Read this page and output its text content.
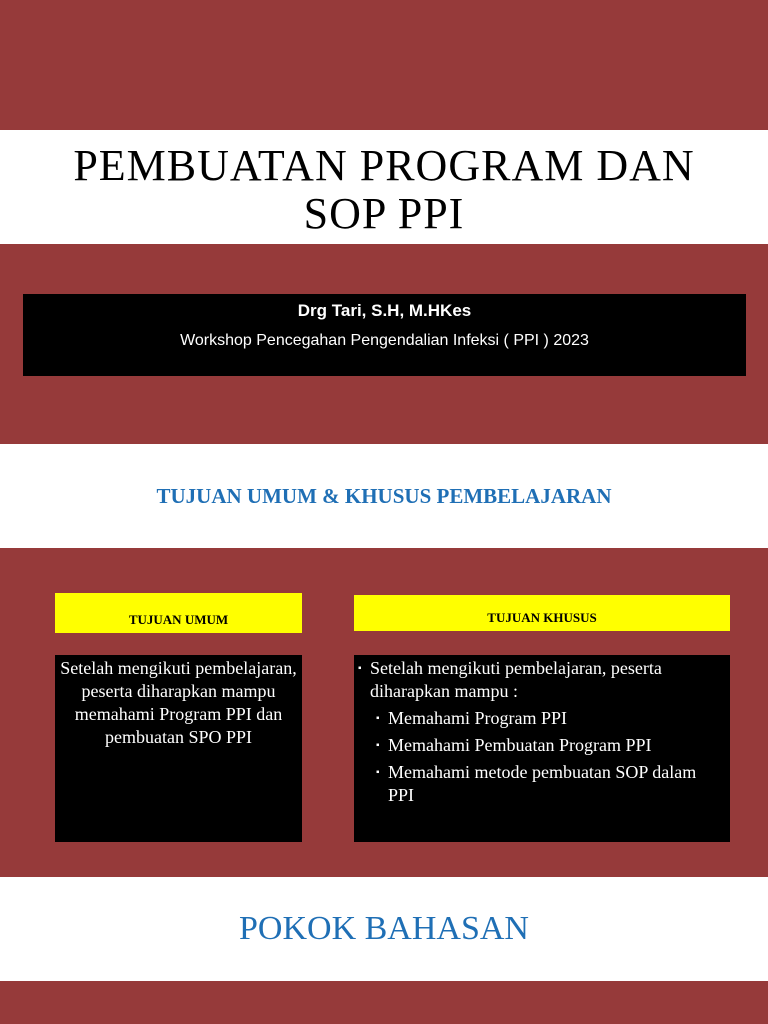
PEMBUATAN PROGRAM DAN
SOP PPI
Drg Tari, S.H, M.HKes
Workshop Pencegahan Pengendalian Infeksi ( PPI ) 2023
TUJUAN UMUM & KHUSUS PEMBELAJARAN
TUJUAN UMUM	TUJUAN KHUSUS
Setelah mengikuti pembelajaran, peserta diharapkan mampu memahami Program PPI dan pembuatan SPO PPI
▪ Setelah mengikuti pembelajaran, peserta diharapkan mampu :
▪ Memahami Program PPI
▪ Memahami Pembuatan Program PPI
▪ Memahami metode pembuatan SOP dalam PPI
POKOK BAHASAN
